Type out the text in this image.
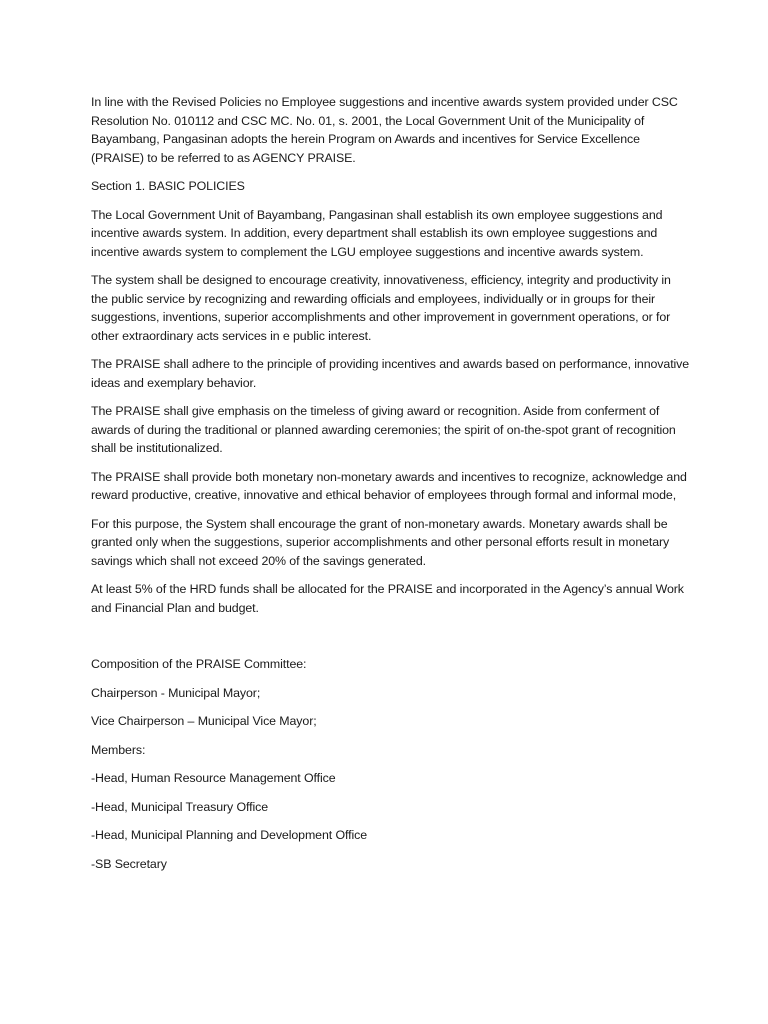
In line with the Revised Policies no Employee suggestions and incentive awards system provided under CSC Resolution No. 010112 and CSC MC. No. 01, s. 2001, the Local Government Unit of the Municipality of Bayambang, Pangasinan adopts the herein Program on Awards and incentives for Service Excellence (PRAISE) to be referred to as AGENCY PRAISE.

Section 1. BASIC POLICIES

The Local Government Unit of Bayambang, Pangasinan shall establish its own employee suggestions and incentive awards system. In addition, every department shall establish its own employee suggestions and incentive awards system to complement the LGU employee suggestions and incentive awards system.

The system shall be designed to encourage creativity, innovativeness, efficiency, integrity and productivity in the public service by recognizing and rewarding officials and employees, individually or in groups for their suggestions, inventions, superior accomplishments and other improvement in government operations, or for other extraordinary acts services in e public interest.

The PRAISE shall adhere to the principle of providing incentives and awards based on performance, innovative ideas and exemplary behavior.

The PRAISE shall give emphasis on the timeless of giving award or recognition. Aside from conferment of awards of during the traditional or planned awarding ceremonies; the spirit of on-the-spot grant of recognition shall be institutionalized.

The PRAISE shall provide both monetary non-monetary awards and incentives to recognize, acknowledge and reward productive, creative, innovative and ethical behavior of employees through formal and informal mode,

For this purpose, the System shall encourage the grant of non-monetary awards. Monetary awards shall be granted only when the suggestions, superior accomplishments and other personal efforts result in monetary savings which shall not exceed 20% of the savings generated.

At least 5% of the HRD funds shall be allocated for the PRAISE and incorporated in the Agency’s annual Work and Financial Plan and budget.

Composition of the PRAISE Committee:

Chairperson - Municipal Mayor;

Vice Chairperson – Municipal Vice Mayor;

Members:

-Head, Human Resource Management Office

-Head, Municipal Treasury Office

-Head, Municipal Planning and Development Office

-SB Secretary
